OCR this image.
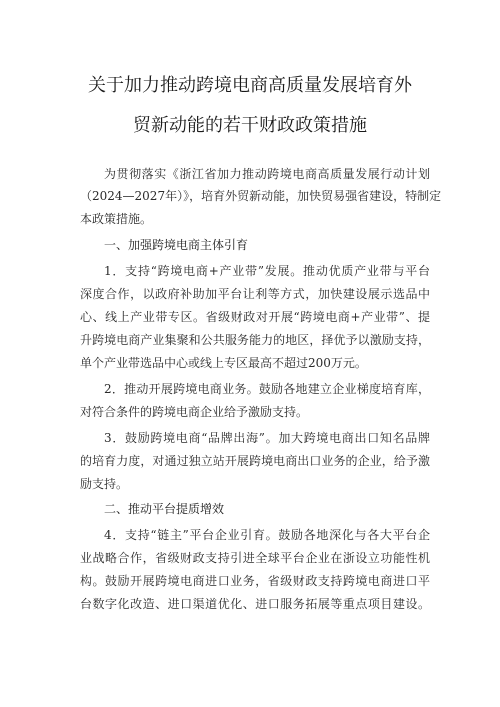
关于加力推动跨境电商高质量发展培育外
贸新动能的若干财政政策措施
为贯彻落实《浙江省加力推动跨境电商高质量发展行动计划
（2024—2027年）》，培育外贸新动能，加快贸易强省建设，特制定
本政策措施。
一、加强跨境电商主体引育
1．支持“跨境电商+产业带”发展。推动优质产业带与平台
深度合作，以政府补助加平台让利等方式，加快建设展示选品中
心、线上产业带专区。省级财政对开展“跨境电商+产业带”、提
升跨境电商产业集聚和公共服务能力的地区，择优予以激励支持，
单个产业带选品中心或线上专区最高不超过200万元。
2．推动开展跨境电商业务。鼓励各地建立企业梯度培育库，
对符合条件的跨境电商企业给予激励支持。
3．鼓励跨境电商“品牌出海”。加大跨境电商出口知名品牌
的培育力度，对通过独立站开展跨境电商出口业务的企业，给予激
励支持。
二、推动平台提质增效
4．支持“链主”平台企业引育。鼓励各地深化与各大平台企
业战略合作，省级财政支持引进全球平台企业在浙设立功能性机
构。鼓励开展跨境电商进口业务，省级财政支持跨境电商进口平
台数字化改造、进口渠道优化、进口服务拓展等重点项目建设。
